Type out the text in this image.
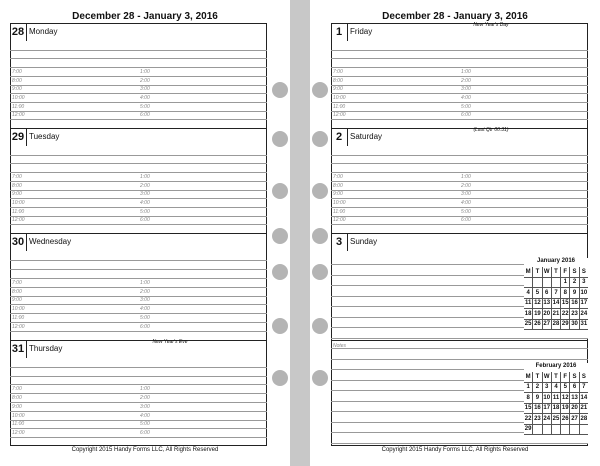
December 28 - January 3, 2016
28 Monday
7:00	1:00
8:00	2:00
9:00	3:00
10:00	4:00
11:00	5:00
12:00	6:00
29 Tuesday
7:00	1:00
8:00	2:00
9:00	3:00
10:00	4:00
11:00	5:00
12:00	6:00
30 Wednesday
7:00	1:00
8:00	2:00
9:00	3:00
10:00	4:00
11:00	5:00
12:00	6:00
31 Thursday
New Year's Eve
7:00	1:00
8:00	2:00
9:00	3:00
10:00	4:00
11:00	5:00
12:00	6:00
Copyright 2015 Handy Forms LLC, All Rights Reserved
December 28 - January 3, 2016
1 Friday
New Year's Day
7:00	1:00
8:00	2:00
9:00	3:00
10:00	4:00
11:00	5:00
12:00	6:00
2 Saturday
(Last Qtr 00:31)
7:00	1:00
8:00	2:00
9:00	3:00
10:00	4:00
11:00	5:00
12:00	6:00
3 Sunday
January 2016
M	T	W	T	F	S	S
				1	2	3
4	5	6	7	8	9	10
11	12	13	14	15	16	17
18	19	20	21	22	23	24
25	26	27	28	29	30	31
February 2016
M	T	W	T	F	S	S
1	2	3	4	5	6	7
8	9	10	11	12	13	14
15	16	17	18	19	20	21
22	23	24	25	26	27	28
29						
Notes
Copyright 2015 Handy Forms LLC, All Rights Reserved
